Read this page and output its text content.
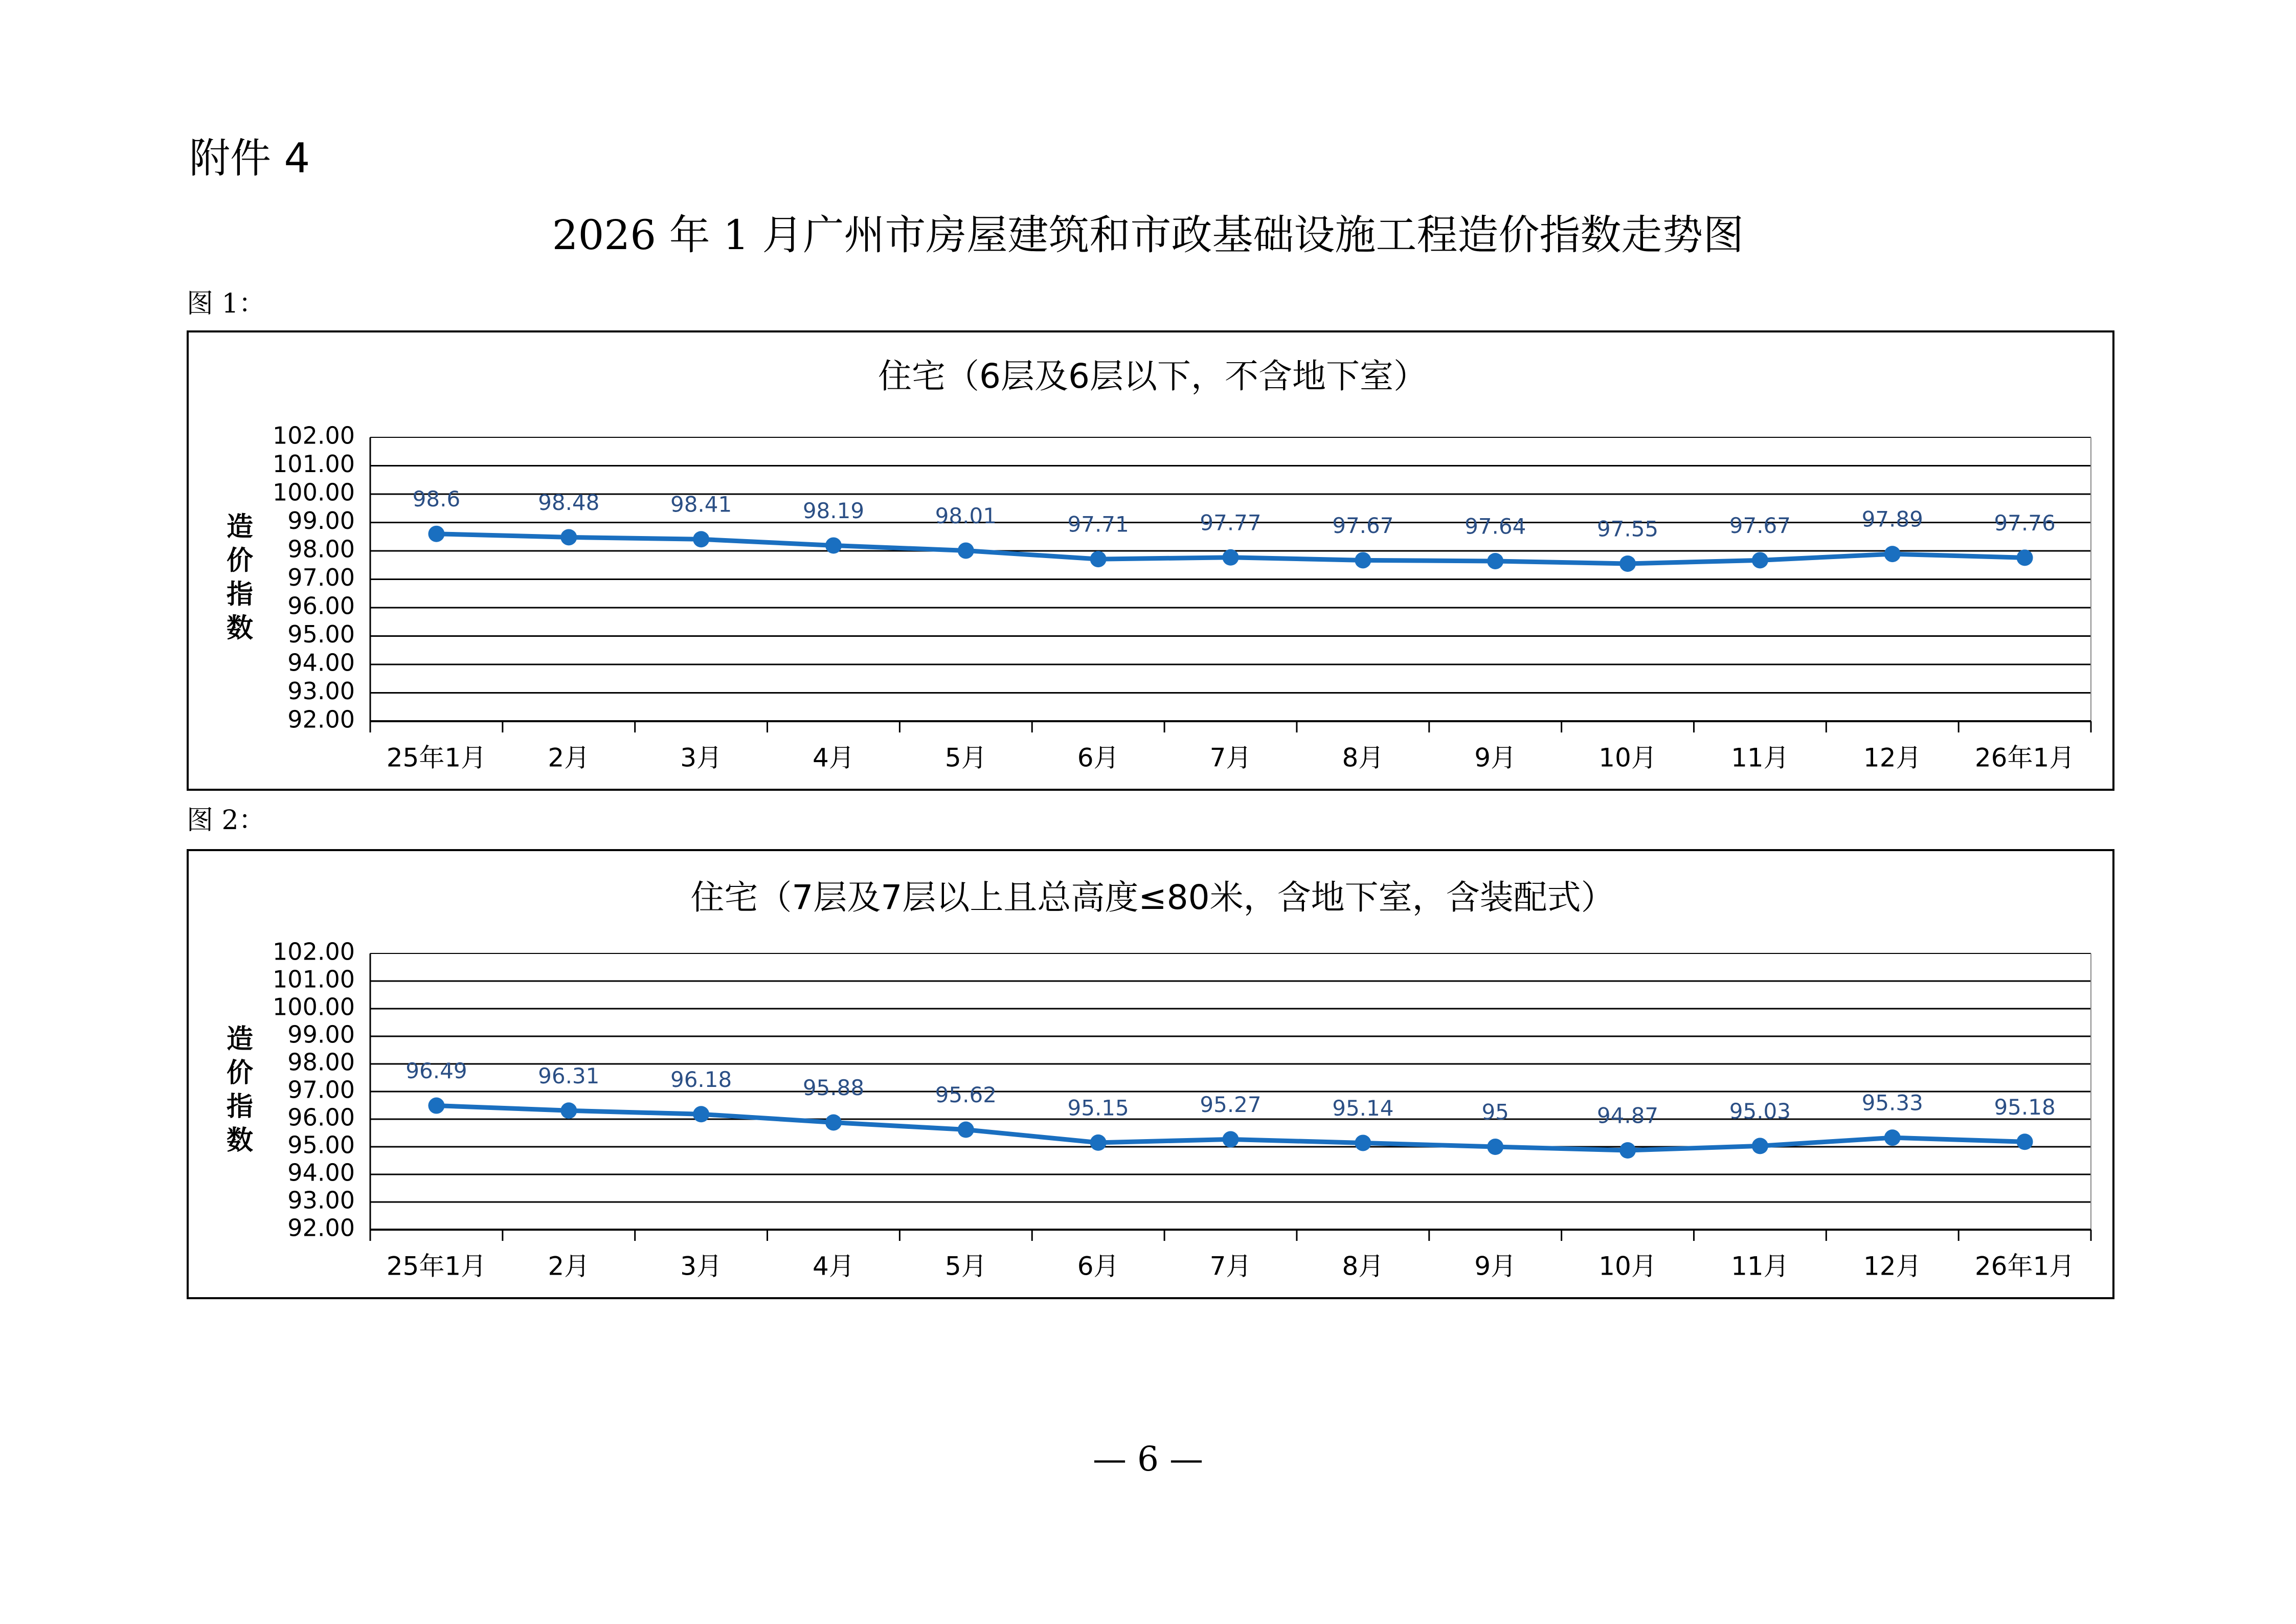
附件 4
2026 年 1 月广州市房屋建筑和市政基础设施工程造价指数走势图
图 1：
住宅（6层及6层以下，不含地下室）
102.00
101.00
100.00
99.00
98.00
97.00
96.00
95.00
94.00
93.00
92.00
造
价
指
数
25年1月 2月	3月	4月	5月	6月	7月	8月	9月	10月	11月	12月 26年1月
98.6	98.48	98.41	98.19	98.01	97.71	97.77	97.67	97.64	97.55	97.67	97.89	97.76
图 2：
住宅（7层及7层以上且总高度≤80米，含地下室，含装配式）
102.00
101.00
100.00
99.00
98.00
97.00
96.00
95.00
94.00
93.00
92.00
造
价
指
数
25年1月 2月	3月	4月	5月	6月	7月	8月	9月	10月	11月	12月 26年1月
96.49	96.31	96.18	95.88	95.62
95.15	95.27	95.14	95	94.87	95.03	95.33	95.18
— 6 —
